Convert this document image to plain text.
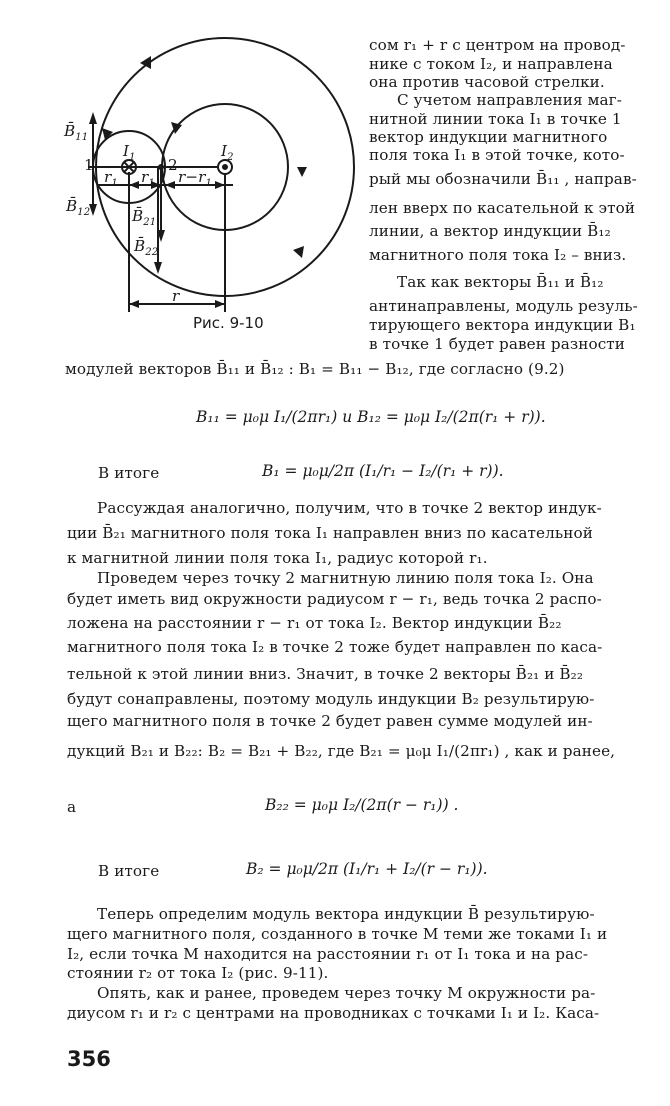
$B̄_{11}$
$B̄_{12}$	$B̄_{21}$
$B̄_{22}$
$I_1$	$I_2$
1	2
$r_1$ $r_1$ $r-r_1$
r
Рис. 9-10
сом r₁ + r с центром на провод-
нике с током I₂, и направлена
она против часовой стрелки.
С учетом направления маг-
нитной линии тока I₁ в точке 1
вектор индукции магнитного
поля тока I₁ в этой точке, кото-
рый мы обозначили B̄₁₁ , направ-
лен вверх по касательной к этой
линии, а вектор индукции B̄₁₂
магнитного поля тока I₂ – вниз.
Так как векторы B̄₁₁ и B̄₁₂
антинаправлены, модуль резуль-
тирующего вектора индукции B₁
в точке 1 будет равен разности
модулей векторов B̄₁₁ и B̄₁₂ : B₁ = B₁₁ − B₁₂, где согласно (9.2)
B₁₁ = μ₀μ I₁/(2πr₁) и B₁₂ = μ₀μ I₂/(2π(r₁ + r)).
В итоге	B₁ = μ₀μ/2π (I₁/r₁ − I₂/(r₁ + r)).
Рассуждая аналогично, получим, что в точке 2 вектор индук-
ции B̄₂₁ магнитного поля тока I₁ направлен вниз по касательной
к магнитной линии поля тока I₁, радиус которой r₁.
Проведем через точку 2 магнитную линию поля тока I₂. Она
будет иметь вид окружности радиусом r − r₁, ведь точка 2 распо-
ложена на расстоянии r − r₁ от тока I₂. Вектор индукции B̄₂₂
магнитного поля тока I₂ в точке 2 тоже будет направлен по каса-
тельной к этой линии вниз. Значит, в точке 2 векторы B̄₂₁ и B̄₂₂
будут сонаправлены, поэтому модуль индукции B₂ результирую-
щего магнитного поля в точке 2 будет равен сумме модулей ин-
дукций B₂₁ и B₂₂: B₂ = B₂₁ + B₂₂, где B₂₁ = μ₀μ I₁/(2πr₁) , как и ранее,
а	B₂₂ = μ₀μ I₂/(2π(r − r₁)) .
В итоге	B₂ = μ₀μ/2π (I₁/r₁ + I₂/(r − r₁)).
Теперь определим модуль вектора индукции B̄ результирую-
щего магнитного поля, созданного в точке M теми же токами I₁ и
I₂, если точка M находится на расстоянии r₁ от I₁ тока и на рас-
стоянии r₂ от тока I₂ (рис. 9-11).
Опять, как и ранее, проведем через точку M окружности ра-
диусом r₁ и r₂ с центрами на проводниках с точками I₁ и I₂. Каса-
356
